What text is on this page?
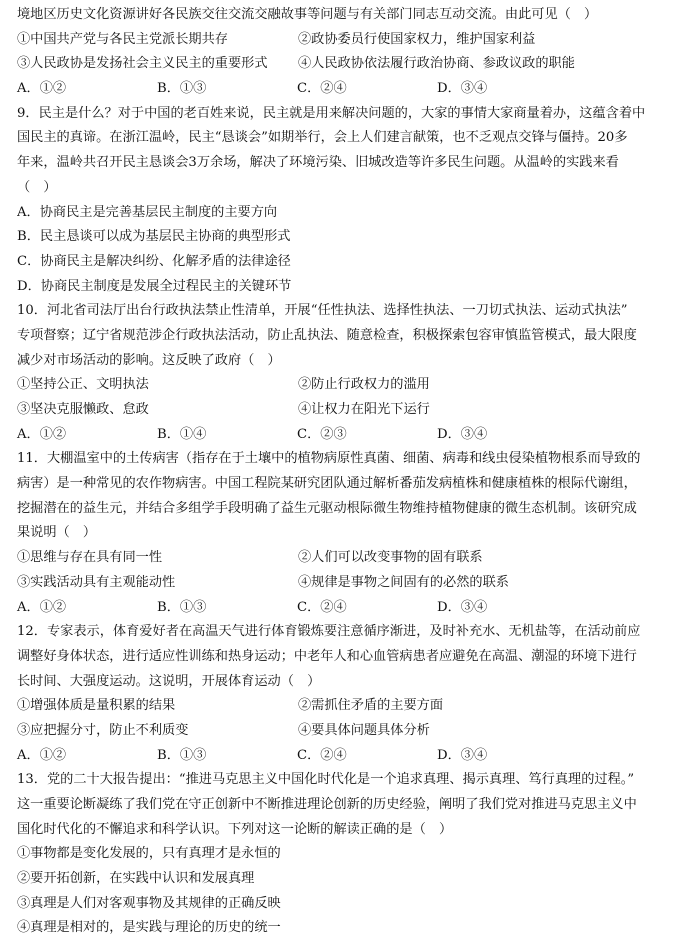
境地区历史文化资源讲好各民族交往交流交融故事等问题与有关部门同志互动交流。由此可见（　）
①中国共产党与各民主党派长期共存	②政协委员行使国家权力，维护国家利益
③人民政协是发扬社会主义民主的重要形式	④人民政协依法履行政治协商、参政议政的职能
A．①②	B．①③	C．②④	D．③④
9．民主是什么？对于中国的老百姓来说，民主就是用来解决问题的，大家的事情大家商量着办，这蕴含着中
国民主的真谛。在浙江温岭，民主“恳谈会”如期举行，会上人们建言献策，也不乏观点交锋与僵持。20多
年来，温岭共召开民主恳谈会3万余场，解决了环境污染、旧城改造等许多民生问题。从温岭的实践来看
（　）
A．协商民主是完善基层民主制度的主要方向
B．民主恳谈可以成为基层民主协商的典型形式
C．协商民主是解决纠纷、化解矛盾的法律途径
D．协商民主制度是发展全过程民主的关键环节
10．河北省司法厅出台行政执法禁止性清单，开展“任性执法、选择性执法、一刀切式执法、运动式执法”
专项督察；辽宁省规范涉企行政执法活动，防止乱执法、随意检查，积极探索包容审慎监管模式，最大限度
减少对市场活动的影响。这反映了政府（　）
①坚持公正、文明执法	②防止行政权力的滥用
③坚决克服懒政、怠政	④让权力在阳光下运行
A．①②	B．①④	C．②③	D．③④
11．大棚温室中的土传病害（指存在于土壤中的植物病原性真菌、细菌、病毒和线虫侵染植物根系而导致的
病害）是一种常见的农作物病害。中国工程院某研究团队通过解析番茄发病植株和健康植株的根际代谢组，
挖掘潜在的益生元，并结合多组学手段明确了益生元驱动根际微生物维持植物健康的微生态机制。该研究成
果说明（　）
①思维与存在具有同一性	②人们可以改变事物的固有联系
③实践活动具有主观能动性	④规律是事物之间固有的必然的联系
A．①②	B．①③	C．②④	D．③④
12．专家表示，体育爱好者在高温天气进行体育锻炼要注意循序渐进，及时补充水、无机盐等，在活动前应
调整好身体状态，进行适应性训练和热身运动；中老年人和心血管病患者应避免在高温、潮湿的环境下进行
长时间、大强度运动。这说明，开展体育运动（　）
①增强体质是量积累的结果	②需抓住矛盾的主要方面
③应把握分寸，防止不利质变	④要具体问题具体分析
A．①②	B．①③	C．②④	D．③④
13．党的二十大报告提出：“推进马克思主义中国化时代化是一个追求真理、揭示真理、笃行真理的过程。”
这一重要论断凝练了我们党在守正创新中不断推进理论创新的历史经验，阐明了我们党对推进马克思主义中
国化时代化的不懈追求和科学认识。下列对这一论断的解读正确的是（　）
①事物都是变化发展的，只有真理才是永恒的
②要开拓创新，在实践中认识和发展真理
③真理是人们对客观事物及其规律的正确反映
④真理是相对的，是实践与理论的历史的统一
